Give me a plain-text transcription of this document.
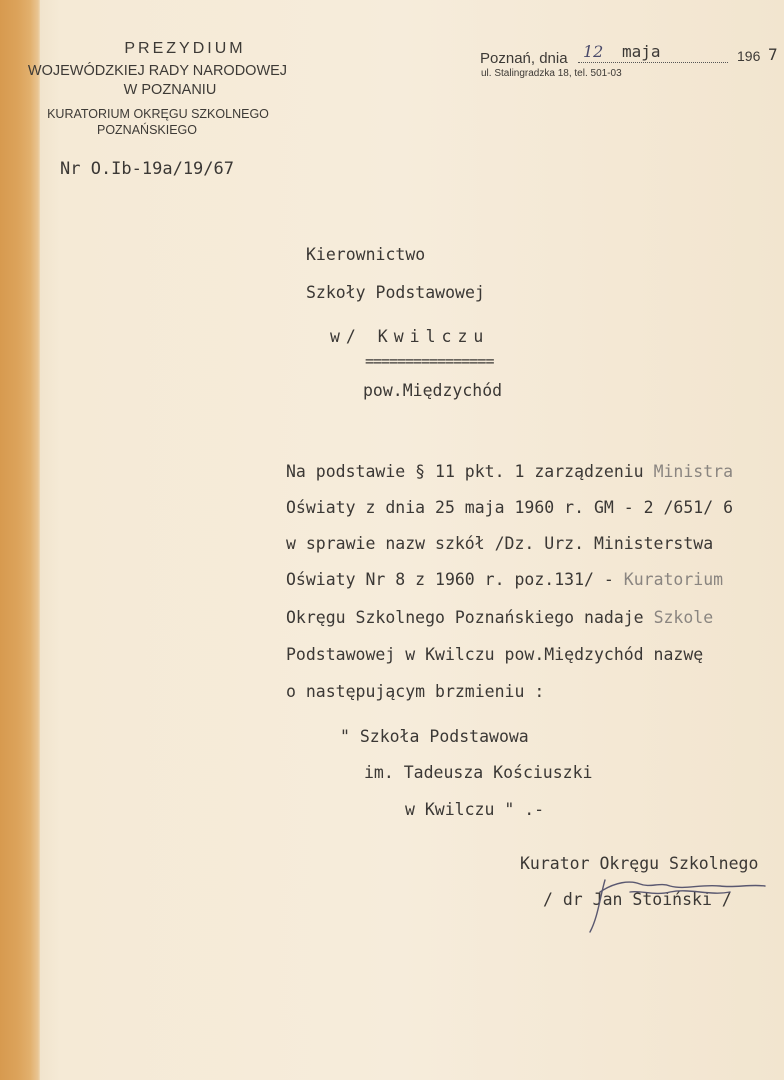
PREZYDIUM
WOJEWÓDZKIEJ RADY NARODOWEJ
W POZNANIU
KURATORIUM OKRĘGU SZKOLNEGO
POZNAŃSKIEGO
Nr O.Ib-19a/19/67
Poznań, dnia 12 maja	196 7
ul. Stalingradzka 18, tel. 501-03
Kierownictwo
Szkoły Podstawowej
w/ Kwilczu
================
pow.Międzychód
Na podstawie § 11 pkt. 1 zarządzeniu Ministra
Oświaty z dnia 25 maja 1960 r. GM - 2 /651/ 6
w sprawie nazw szkół /Dz. Urz. Ministerstwa
Oświaty Nr 8 z 1960 r. poz.131/ - Kuratorium
Okręgu Szkolnego Poznańskiego nadaje Szkole
Podstawowej w Kwilczu pow.Międzychód nazwę
o następującym brzmieniu :
" Szkoła Podstawowa
im. Tadeusza Kościuszki
w Kwilczu " .-
Kurator Okręgu Szkolnego
/ dr Jan Stoiński /
